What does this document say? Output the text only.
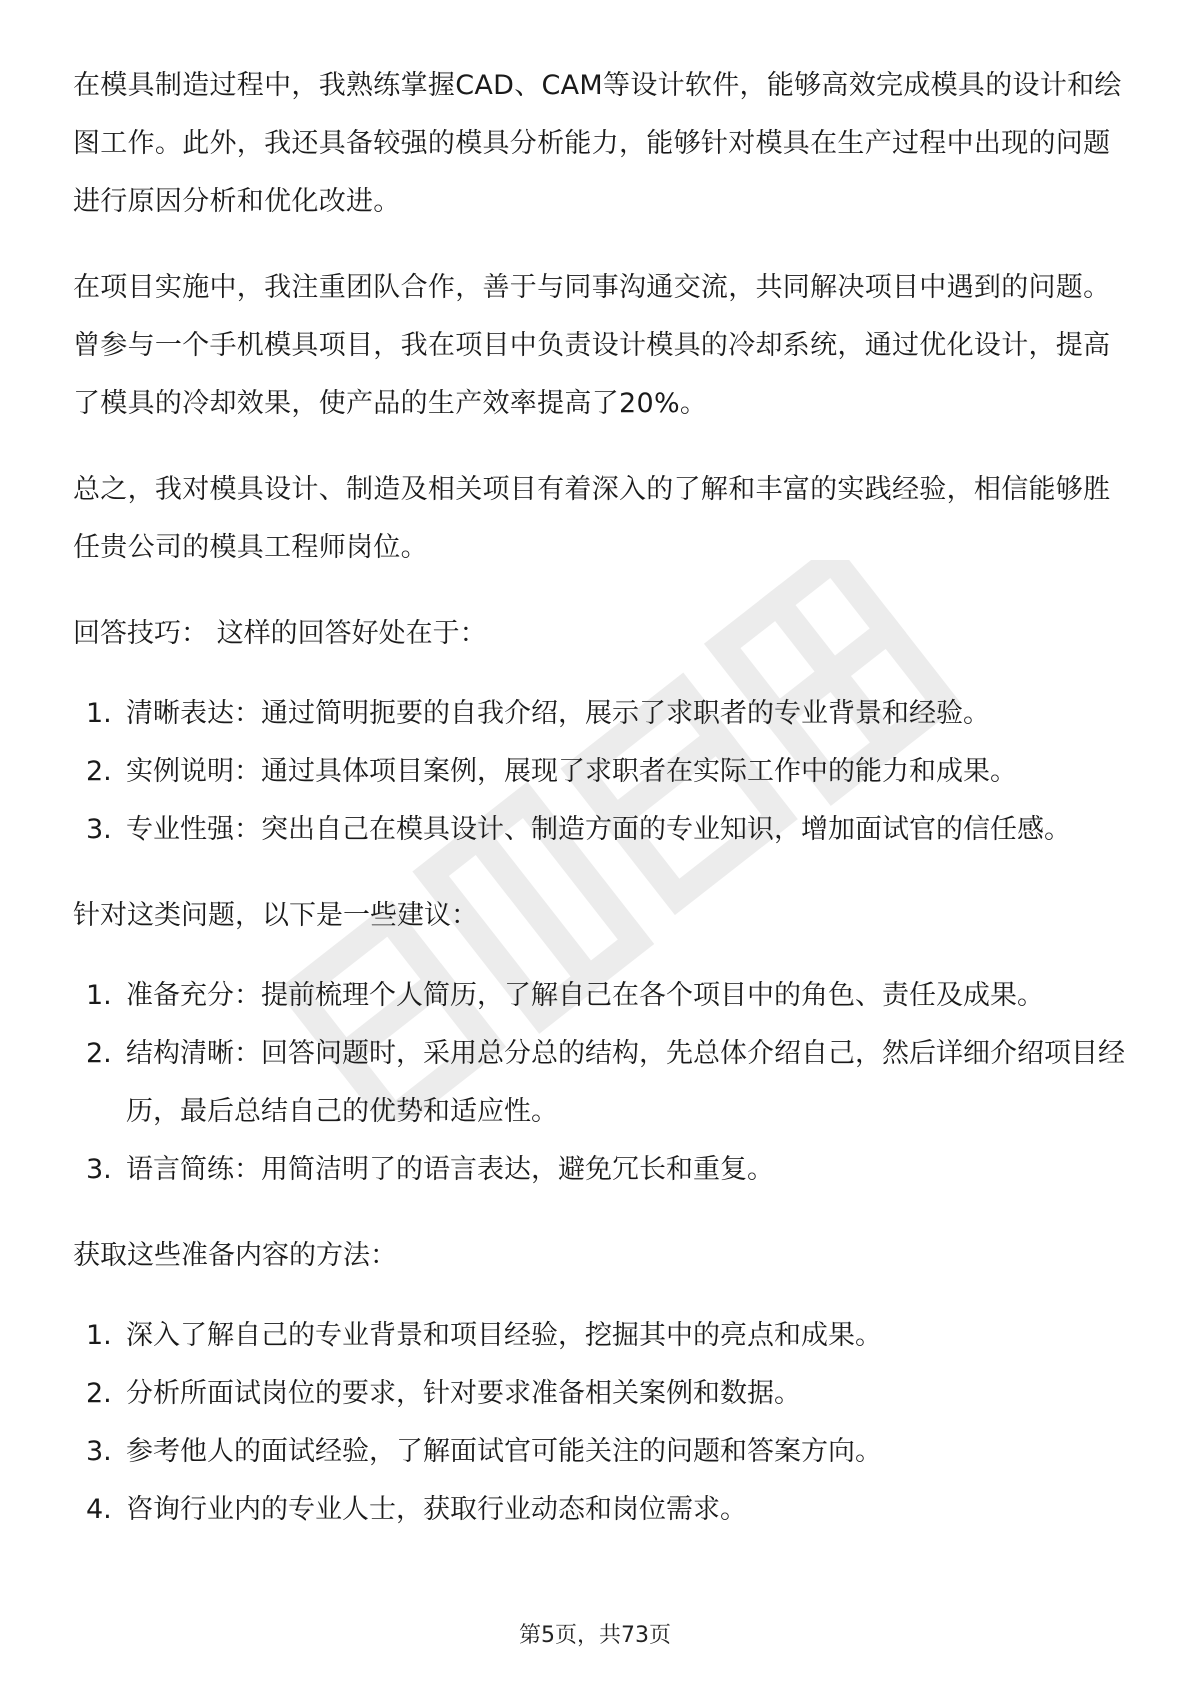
在模具制造过程中，我熟练掌握CAD、CAM等设计软件，能够高效完成模具的设计和绘图工作。此外，我还具备较强的模具分析能力，能够针对模具在生产过程中出现的问题进行原因分析和优化改进。

在项目实施中，我注重团队合作，善于与同事沟通交流，共同解决项目中遇到的问题。曾参与一个手机模具项目，我在项目中负责设计模具的冷却系统，通过优化设计，提高了模具的冷却效果，使产品的生产效率提高了20%。

总之，我对模具设计、制造及相关项目有着深入的了解和丰富的实践经验，相信能够胜任贵公司的模具工程师岗位。

回答技巧： 这样的回答好处在于：
1. 清晰表达：通过简明扼要的自我介绍，展示了求职者的专业背景和经验。
2. 实例说明：通过具体项目案例，展现了求职者在实际工作中的能力和成果。
3. 专业性强：突出自己在模具设计、制造方面的专业知识，增加面试官的信任感。
针对这类问题，以下是一些建议：
1. 准备充分：提前梳理个人简历，了解自己在各个项目中的角色、责任及成果。
2. 结构清晰：回答问题时，采用总分总的结构，先总体介绍自己，然后详细介绍项目经历，最后总结自己的优势和适应性。
3. 语言简练：用简洁明了的语言表达，避免冗长和重复。
获取这些准备内容的方法：
1. 深入了解自己的专业背景和项目经验，挖掘其中的亮点和成果。
2. 分析所面试岗位的要求，针对要求准备相关案例和数据。
3. 参考他人的面试经验，了解面试官可能关注的问题和答案方向。
4. 咨询行业内的专业人士，获取行业动态和岗位需求。
第5页，共73页
